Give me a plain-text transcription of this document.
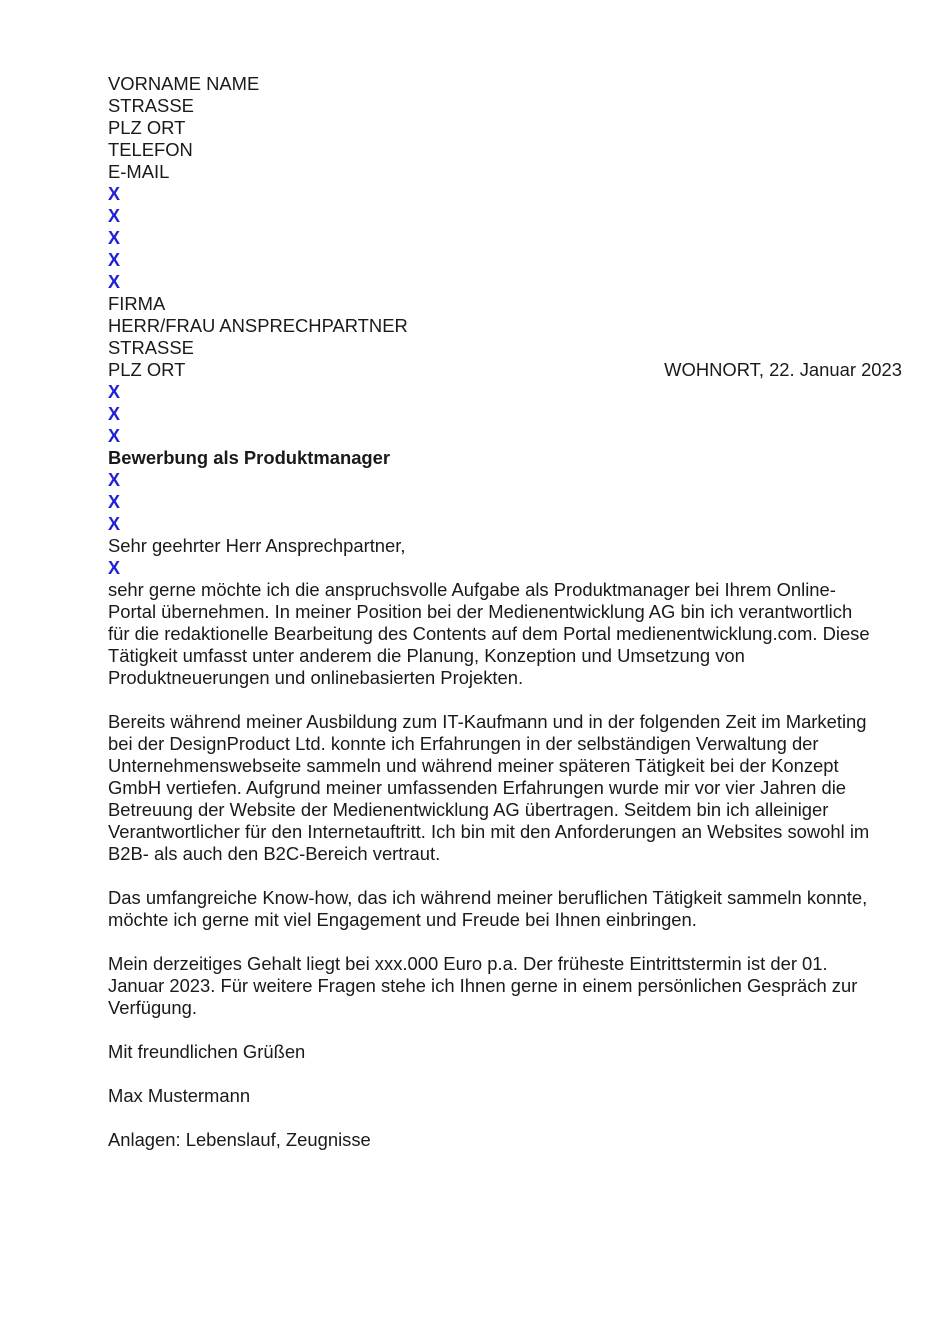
VORNAME NAME
STRASSE
PLZ ORT
TELEFON
E-MAIL
X
X
X
X
X
FIRMA
HERR/FRAU ANSPRECHPARTNER
STRASSE
PLZ ORT
X
X
X
Bewerbung als Produktmanager
X
X
X
Sehr geehrter Herr Ansprechpartner,
X
sehr gerne möchte ich die anspruchsvolle Aufgabe als Produktmanager bei Ihrem Online-
Portal übernehmen. In meiner Position bei der Medienentwicklung AG bin ich verantwortlich
für die redaktionelle Bearbeitung des Contents auf dem Portal medienentwicklung.com. Diese
Tätigkeit umfasst unter anderem die Planung, Konzeption und Umsetzung von
Produktneuerungen und onlinebasierten Projekten.
Bereits während meiner Ausbildung zum IT-Kaufmann und in der folgenden Zeit im Marketing
bei der DesignProduct Ltd. konnte ich Erfahrungen in der selbständigen Verwaltung der
Unternehmenswebseite sammeln und während meiner späteren Tätigkeit bei der Konzept
GmbH vertiefen. Aufgrund meiner umfassenden Erfahrungen wurde mir vor vier Jahren die
Betreuung der Website der Medienentwicklung AG übertragen. Seitdem bin ich alleiniger
Verantwortlicher für den Internetauftritt. Ich bin mit den Anforderungen an Websites sowohl im
B2B- als auch den B2C-Bereich vertraut.
Das umfangreiche Know-how, das ich während meiner beruflichen Tätigkeit sammeln konnte,
möchte ich gerne mit viel Engagement und Freude bei Ihnen einbringen.
Mein derzeitiges Gehalt liegt bei xxx.000 Euro p.a. Der früheste Eintrittstermin ist der 01.
Januar 2023. Für weitere Fragen stehe ich Ihnen gerne in einem persönlichen Gespräch zur
Verfügung.
Mit freundlichen Grüßen
Max Mustermann
Anlagen: Lebenslauf, Zeugnisse
WOHNORT, 22. Januar 2023
